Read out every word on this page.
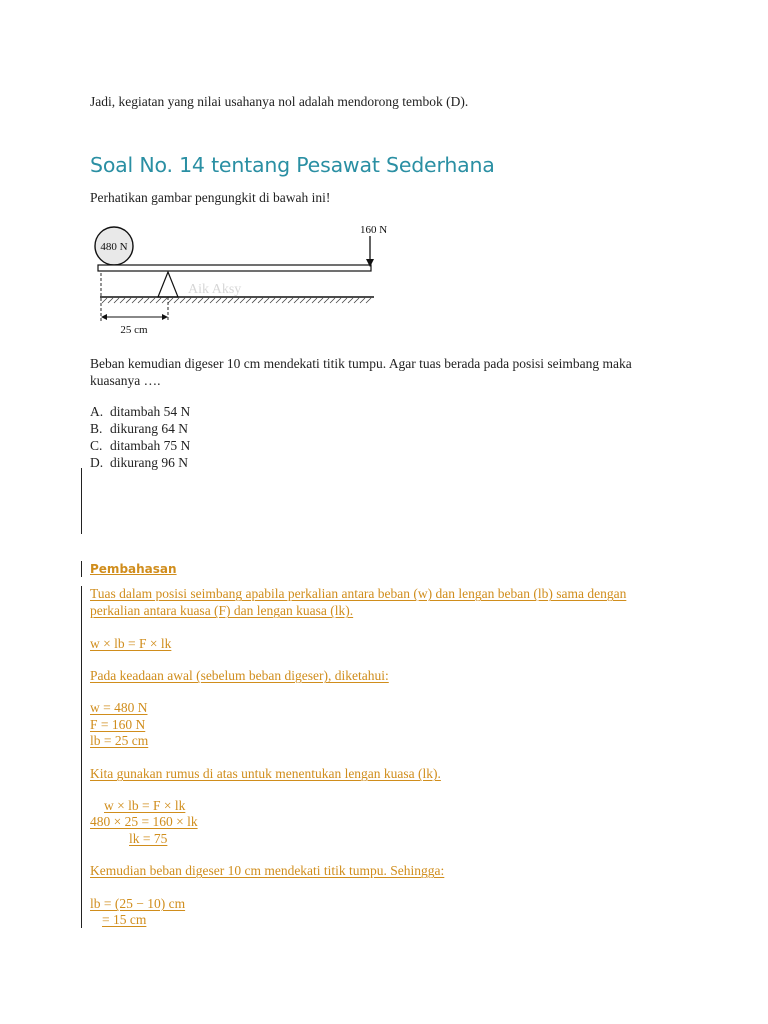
Jadi, kegiatan yang nilai usahanya nol adalah mendorong tembok (D).
Soal No. 14 tentang Pesawat Sederhana
Perhatikan gambar pengungkit di bawah ini!
480 N
160 N
Aik Aksy
25 cm
Beban kemudian digeser 10 cm mendekati titik tumpu. Agar tuas berada pada posisi seimbang maka
kuasanya ….
A. ditambah 54 N
B. dikurang 64 N
C. ditambah 75 N
D. dikurang 96 N
Pembahasan
Tuas dalam posisi seimbang apabila perkalian antara beban (w) dan lengan beban (lb) sama dengan
perkalian antara kuasa (F) dan lengan kuasa (lk).
w × lb = F × lk
Pada keadaan awal (sebelum beban digeser), diketahui:
w = 480 N
F = 160 N
lb = 25 cm
Kita gunakan rumus di atas untuk menentukan lengan kuasa (lk).
w × lb = F × lk
480 × 25 = 160 × lk
lk = 75
Kemudian beban digeser 10 cm mendekati titik tumpu. Sehingga:
lb = (25 − 10) cm
= 15 cm
